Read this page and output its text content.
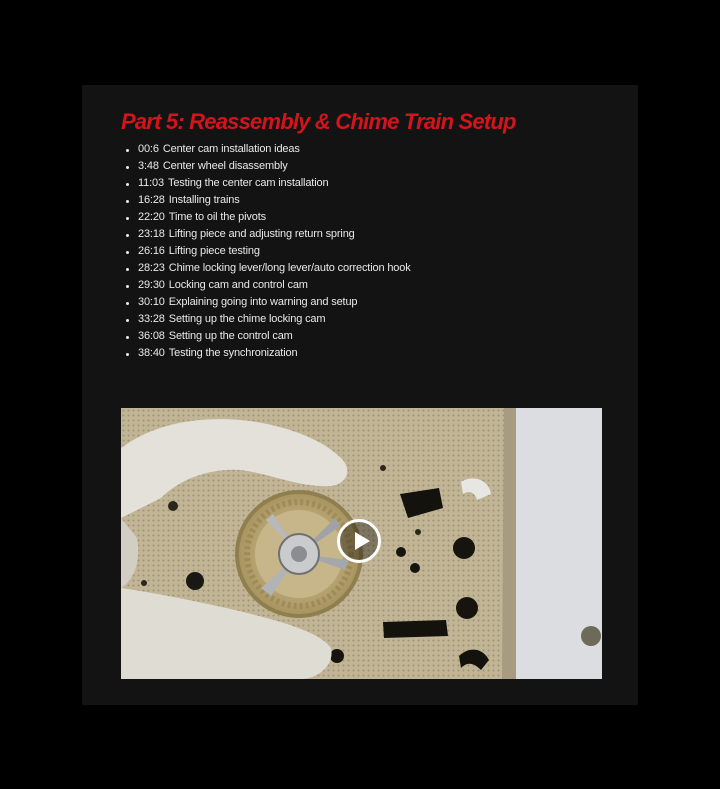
Part 5: Reassembly & Chime Train Setup
00:6 Center cam installation ideas
3:48 Center wheel disassembly
11:03 Testing the center cam installation
16:28 Installing trains
22:20 Time to oil the pivots
23:18 Lifting piece and adjusting return spring
26:16 Lifting piece testing
28:23 Chime locking lever/long lever/auto correction hook
29:30 Locking cam and control cam
30:10 Explaining going into warning and setup
33:28 Setting up the chime locking cam
36:08 Setting up the control cam
38:40 Testing the synchronization
